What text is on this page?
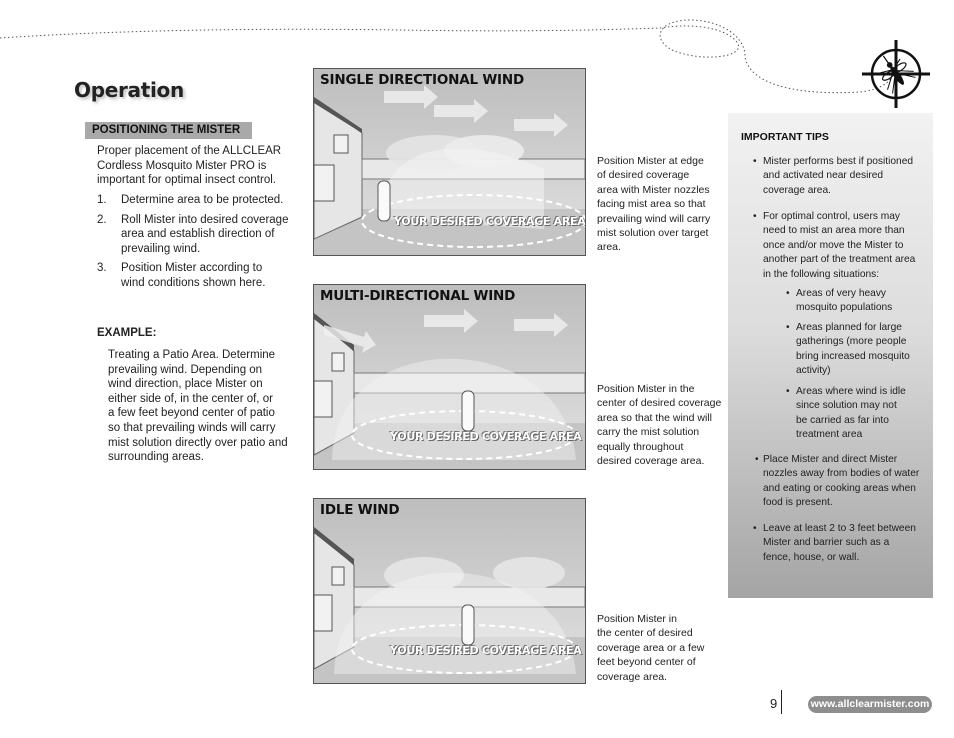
Operation
POSITIONING THE MISTER
Proper placement of the ALLCLEAR
Cordless Mosquito Mister PRO is
important for optimal insect control.
1. Determine area to be protected.
2. Roll Mister into desired coverage
area and establish direction of
prevailing wind.
3. Position Mister according to
wind conditions shown here.
EXAMPLE:
Treating a Patio Area. Determine
prevailing wind. Depending on
wind direction, place Mister on
either side of, in the center of, or
a few feet beyond center of patio
so that prevailing winds will carry
mist solution directly over patio and
surrounding areas.
SINGLE DIRECTIONAL WIND
YOUR DESIRED COVERAGE AREA
Position Mister at edge
of desired coverage
area with Mister nozzles
facing mist area so that
prevailing wind will carry
mist solution over target
area.
MULTI-DIRECTIONAL WIND
YOUR DESIRED COVERAGE AREA
Position Mister in the
center of desired coverage
area so that the wind will
carry the mist solution
equally throughout
desired coverage area.
IDLE WIND
YOUR DESIRED COVERAGE AREA
Position Mister in
the center of desired
coverage area or a few
feet beyond center of
coverage area.
IMPORTANT TIPS
• Mister performs best if positioned
and activated near desired
coverage area.
• For optimal control, users may
need to mist an area more than
once and/or move the Mister to
another part of the treatment area
in the following situations:
• Areas of very heavy
mosquito populations
• Areas planned for large
gatherings (more people
bring increased mosquito
activity)
• Areas where wind is idle
since solution may not
be carried as far into
treatment area
• Place Mister and direct Mister
nozzles away from bodies of water
and eating or cooking areas when
food is present.
• Leave at least 2 to 3 feet between
Mister and barrier such as a
fence, house, or wall.
9	www.allclearmister.com
